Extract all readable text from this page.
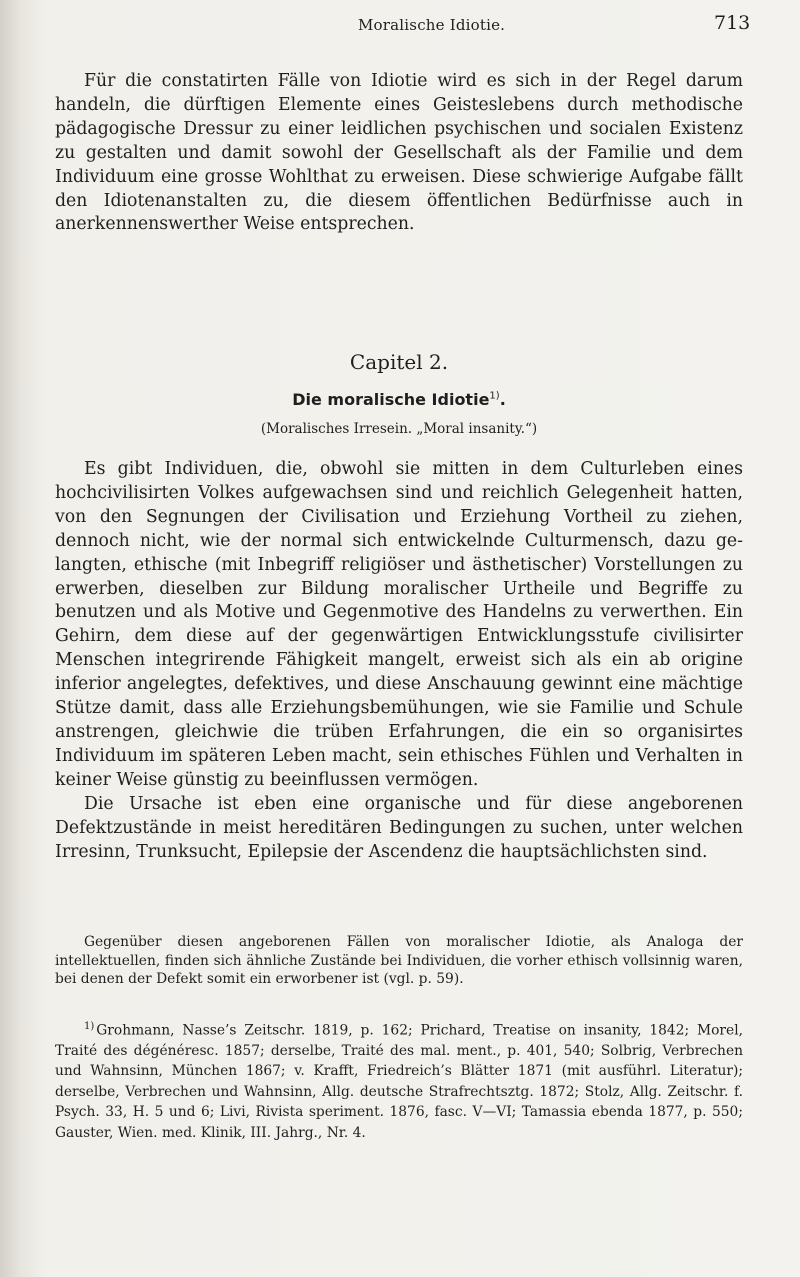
Moralische Idiotie.	713

Für die constatirten Fälle von Idiotie wird es sich in der Regel darum handeln, die dürftigen Elemente eines Geisteslebens durch methodische pädagogische Dressur zu einer leidlichen psychischen und socialen Existenz zu gestalten und damit sowohl der Gesellschaft als der Familie und dem Individuum eine grosse Wohlthat zu erweisen. Diese schwierige Aufgabe fällt den Idiotenanstalten zu, die diesem öffentlichen Bedürfnisse auch in anerkennenswerther Weise entsprechen.

Capitel 2.

Die moralische Idiotie$^{1)}$.

(Moralisches Irresein. „Moral insanity.“)

Es gibt Individuen, die, obwohl sie mitten in dem Culturleben eines hochcivilisirten Volkes aufgewachsen sind und reichlich Gelegenheit hatten, von den Segnungen der Civilisation und Erziehung Vortheil zu ziehen, dennoch nicht, wie der normal sich entwickelnde Culturmensch, dazu gelangten, ethische (mit Inbegriff religiöser und ästhetischer) Vorstellungen zu erwerben, dieselben zur Bildung moralischer Urtheile und Begriffe zu benutzen und als Motive und Gegenmotive des Handelns zu verwerthen. Ein Gehirn, dem diese auf der gegenwärtigen Entwicklungsstufe civilisirter Menschen integrirende Fähigkeit mangelt, erweist sich als ein ab origine inferior angelegtes, defektives, und diese Anschauung gewinnt eine mächtige Stütze damit, dass alle Erziehungsbemühungen, wie sie Familie und Schule anstrengen, gleichwie die trüben Erfahrungen, die ein so organisirtes Individuum im späteren Leben macht, sein ethisches Fühlen und Verhalten in keiner Weise günstig zu beeinflussen vermögen.

Die Ursache ist eben eine organische und für diese angeborenen Defektzustände in meist hereditären Bedingungen zu suchen, unter welchen Irresinn, Trunksucht, Epilepsie der Ascendenz die hauptsächlichsten sind.

Gegenüber diesen angeborenen Fällen von moralischer Idiotie, als Analoga der intellektuellen, finden sich ähnliche Zustände bei Individuen, die vorher ethisch vollsinnig waren, bei denen der Defekt somit ein erworbener ist (vgl. p. 59).

$^{1)}$ Grohmann, Nasse’s Zeitschr. 1819, p. 162; Prichard, Treatise on insanity, 1842; Morel, Traité des dégénéresc. 1857; derselbe, Traité des mal. ment., p. 401, 540; Solbrig, Verbrechen und Wahnsinn, München 1867; v. Krafft, Friedreich’s Blätter 1871 (mit ausführl. Literatur); derselbe, Verbrechen und Wahnsinn, Allg. deutsche Strafrechtsztg. 1872; Stolz, Allg. Zeitschr. f. Psych. 33, H. 5 und 6; Livi, Rivista speriment. 1876, fasc. V—VI; Tamassia ebenda 1877, p. 550; Gauster, Wien. med. Klinik, III. Jahrg., Nr. 4.
